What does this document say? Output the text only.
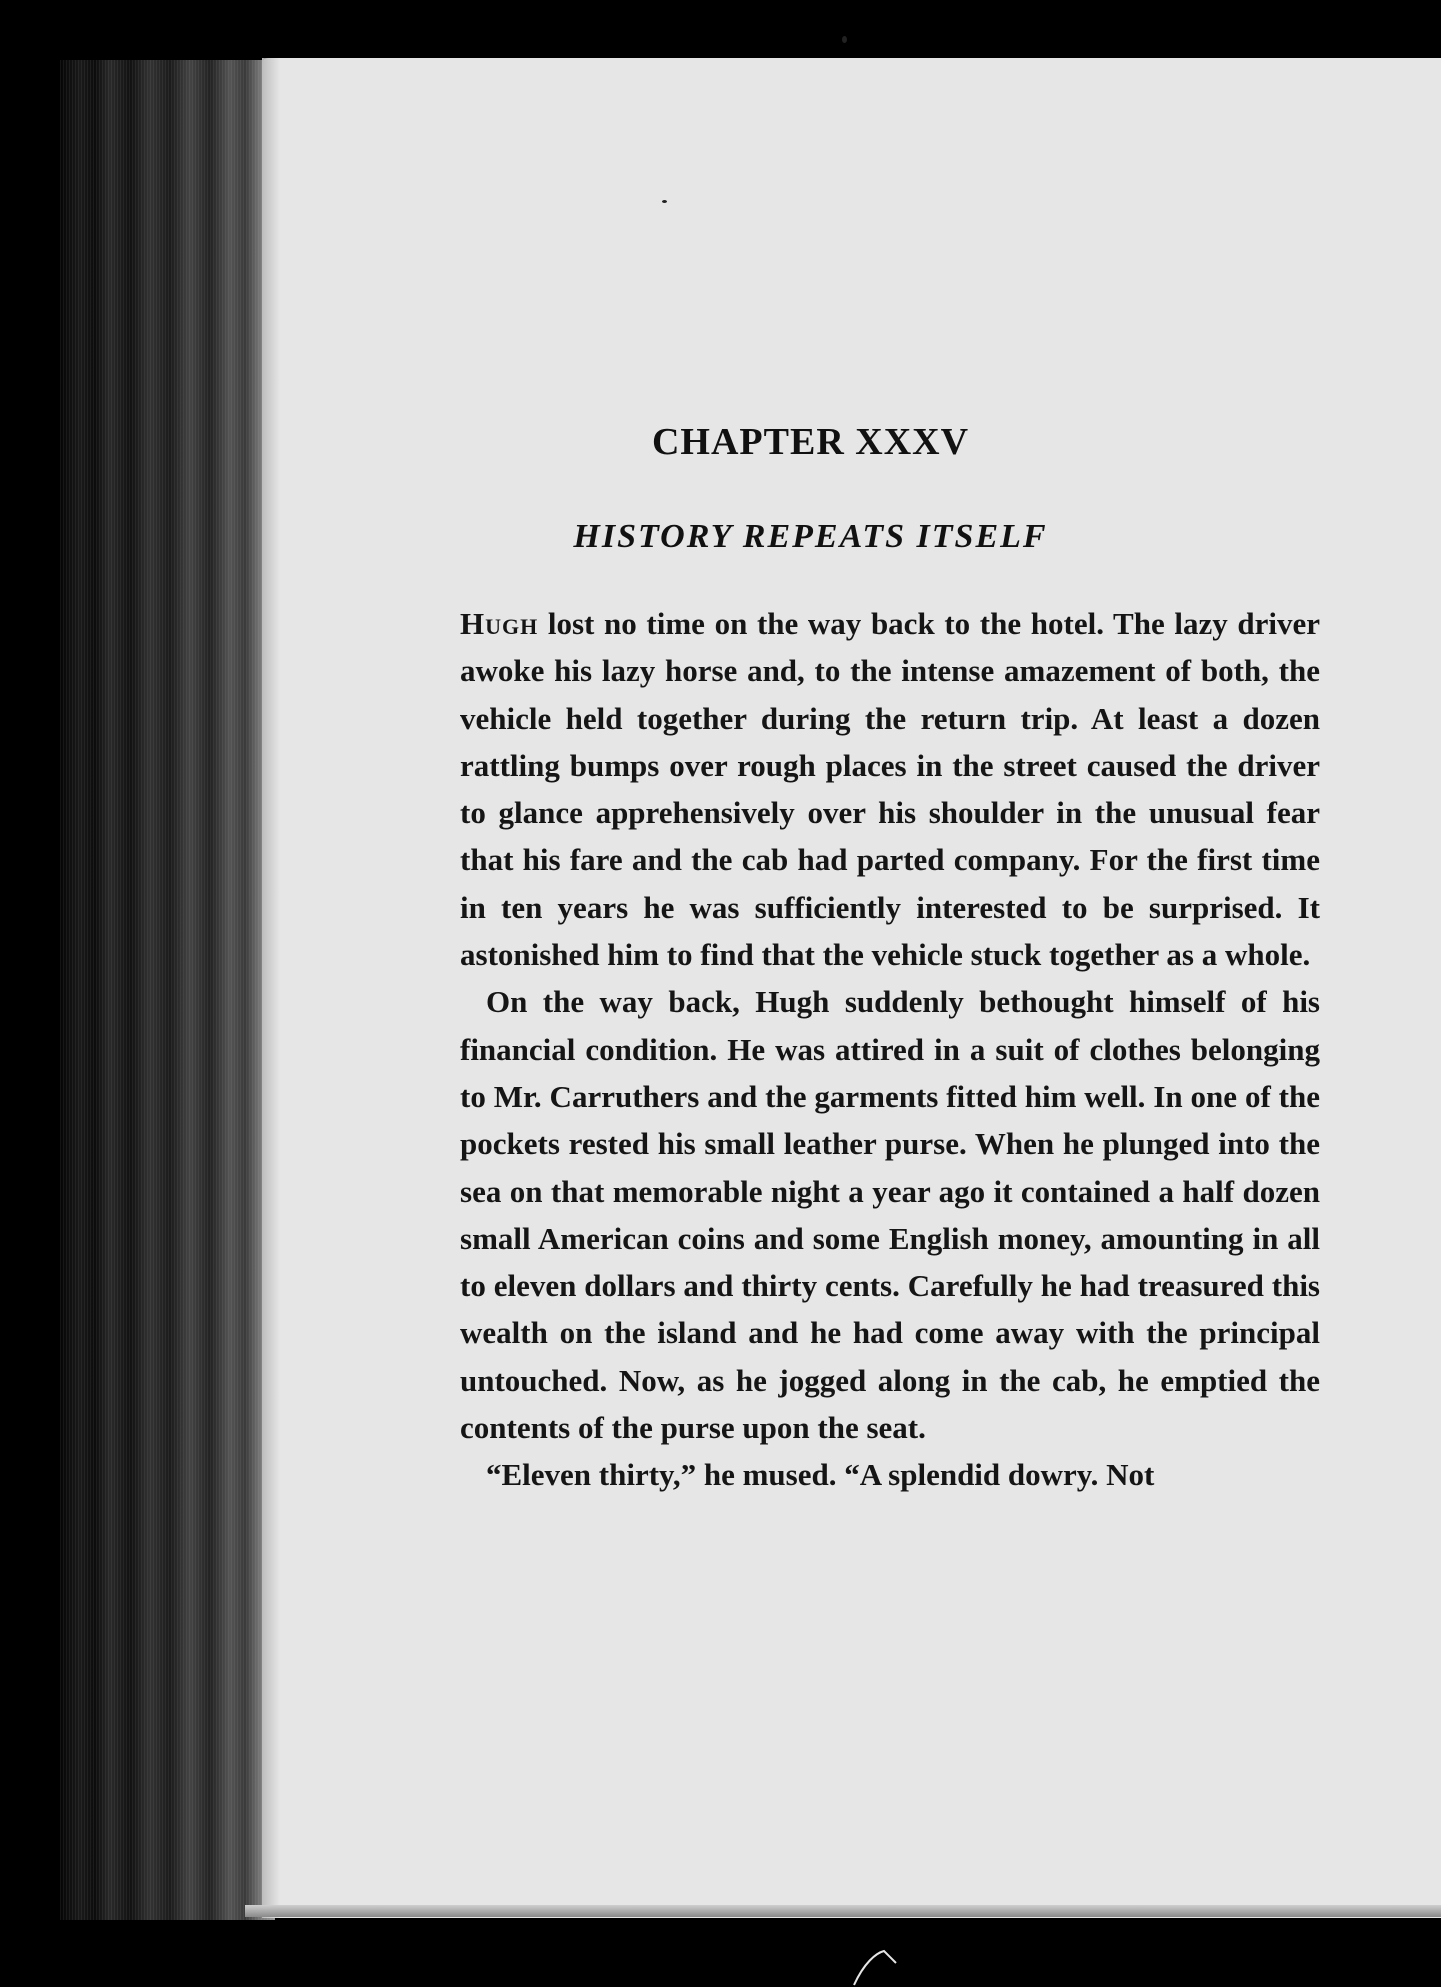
CHAPTER XXXV
HISTORY REPEATS ITSELF

Hugh lost no time on the way back to the hotel. The lazy driver awoke his lazy horse and, to the intense amazement of both, the vehicle held together during the return trip. At least a dozen rattling bumps over rough places in the street caused the driver to glance apprehensively over his shoulder in the unusual fear that his fare and the cab had parted company. For the first time in ten years he was sufficiently interested to be surprised. It astonished him to find that the vehicle stuck together as a whole.

On the way back, Hugh suddenly bethought himself of his financial condition. He was attired in a suit of clothes belonging to Mr. Carruthers and the garments fitted him well. In one of the pockets rested his small leather purse. When he plunged into the sea on that memorable night a year ago it contained a half dozen small American coins and some English money, amounting in all to eleven dollars and thirty cents. Carefully he had treasured this wealth on the island and he had come away with the principal untouched. Now, as he jogged along in the cab, he emptied the contents of the purse upon the seat.

“Eleven thirty,” he mused. “A splendid dowry. Not
